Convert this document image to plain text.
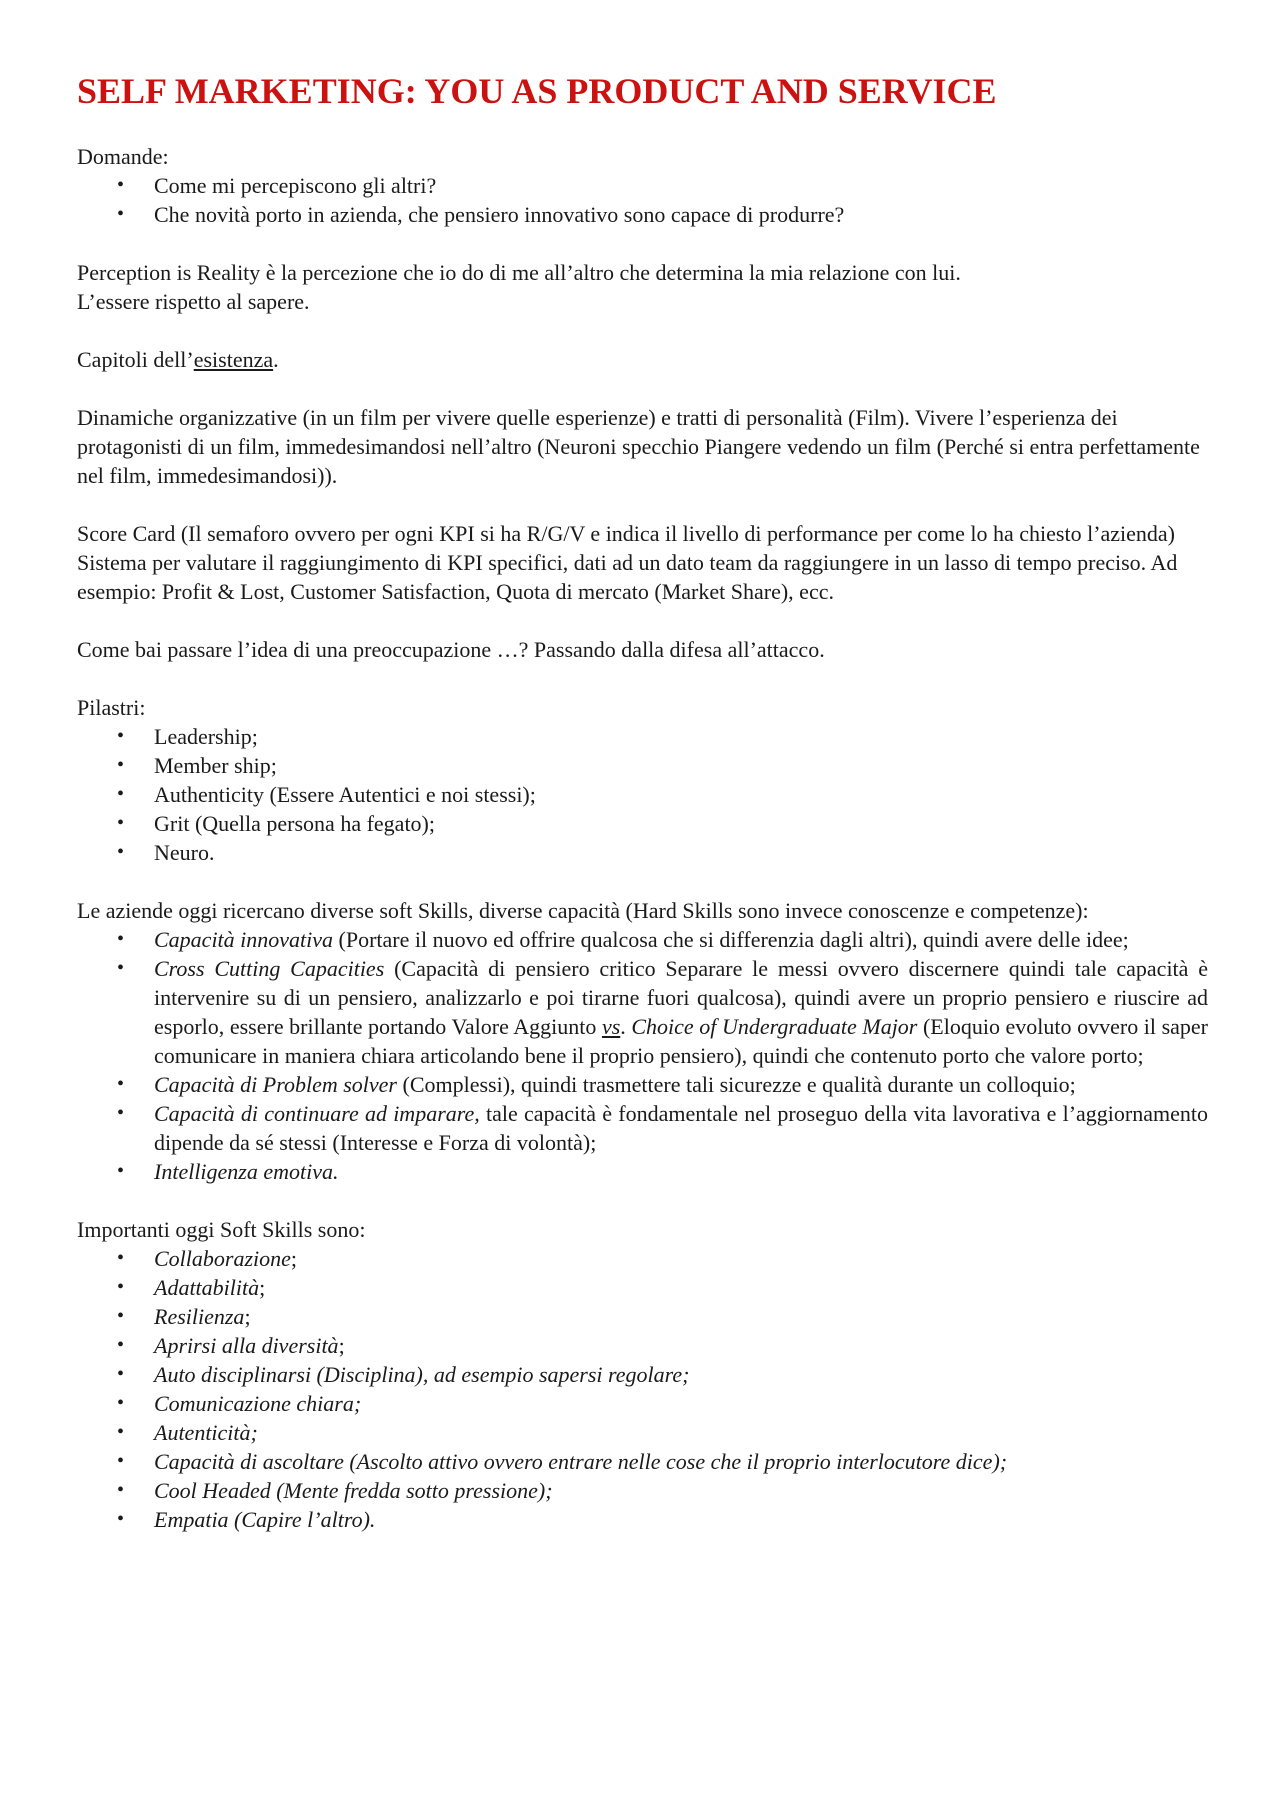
SELF MARKETING: YOU AS PRODUCT AND SERVICE

Domande:

• Come mi percepiscono gli altri?
• Che novità porto in azienda, che pensiero innovativo sono capace di produrre?

Perception is Reality è la percezione che io do di me all’altro che determina la mia relazione con lui.

L’essere rispetto al sapere.

Capitoli dell’esistenza.

Dinamiche organizzative (in un film per vivere quelle esperienze) e tratti di personalità (Film). Vivere l’esperienza dei protagonisti di un film, immedesimandosi nell’altro (Neuroni specchio Piangere vedendo un film (Perché si entra perfettamente nel film, immedesimandosi)).

Score Card (Il semaforo ovvero per ogni KPI si ha R/G/V e indica il livello di performance per come lo ha chiesto l’azienda) Sistema per valutare il raggiungimento di KPI specifici, dati ad un dato team da raggiungere in un lasso di tempo preciso. Ad esempio: Profit & Lost, Customer Satisfaction, Quota di mercato (Market Share), ecc.

Come bai passare l’idea di una preoccupazione …? Passando dalla difesa all’attacco.

Pilastri:

• Leadership;
• Member ship;
• Authenticity (Essere Autentici e noi stessi);
• Grit (Quella persona ha fegato);
• Neuro.

Le aziende oggi ricercano diverse soft Skills, diverse capacità (Hard Skills sono invece conoscenze e competenze):

• Capacità innovativa (Portare il nuovo ed offrire qualcosa che si differenzia dagli altri), quindi avere delle idee;
• Cross Cutting Capacities (Capacità di pensiero critico Separare le messi ovvero discernere quindi tale capacità è intervenire su di un pensiero, analizzarlo e poi tirarne fuori qualcosa), quindi avere un proprio pensiero e riuscire ad esporlo, essere brillante portando Valore Aggiunto vs. Choice of Undergraduate Major (Eloquio evoluto ovvero il saper comunicare in maniera chiara articolando bene il proprio pensiero), quindi che contenuto porto che valore porto;
• Capacità di Problem solver (Complessi), quindi trasmettere tali sicurezze e qualità durante un colloquio;
• Capacità di continuare ad imparare, tale capacità è fondamentale nel proseguo della vita lavorativa e l’aggiornamento dipende da sé stessi (Interesse e Forza di volontà);
• Intelligenza emotiva.

Importanti oggi Soft Skills sono:

• Collaborazione;
• Adattabilità;
• Resilienza;
• Aprirsi alla diversità;
• Auto disciplinarsi (Disciplina), ad esempio sapersi regolare;
• Comunicazione chiara;
• Autenticità;
• Capacità di ascoltare (Ascolto attivo ovvero entrare nelle cose che il proprio interlocutore dice);
• Cool Headed (Mente fredda sotto pressione);
• Empatia (Capire l’altro).
